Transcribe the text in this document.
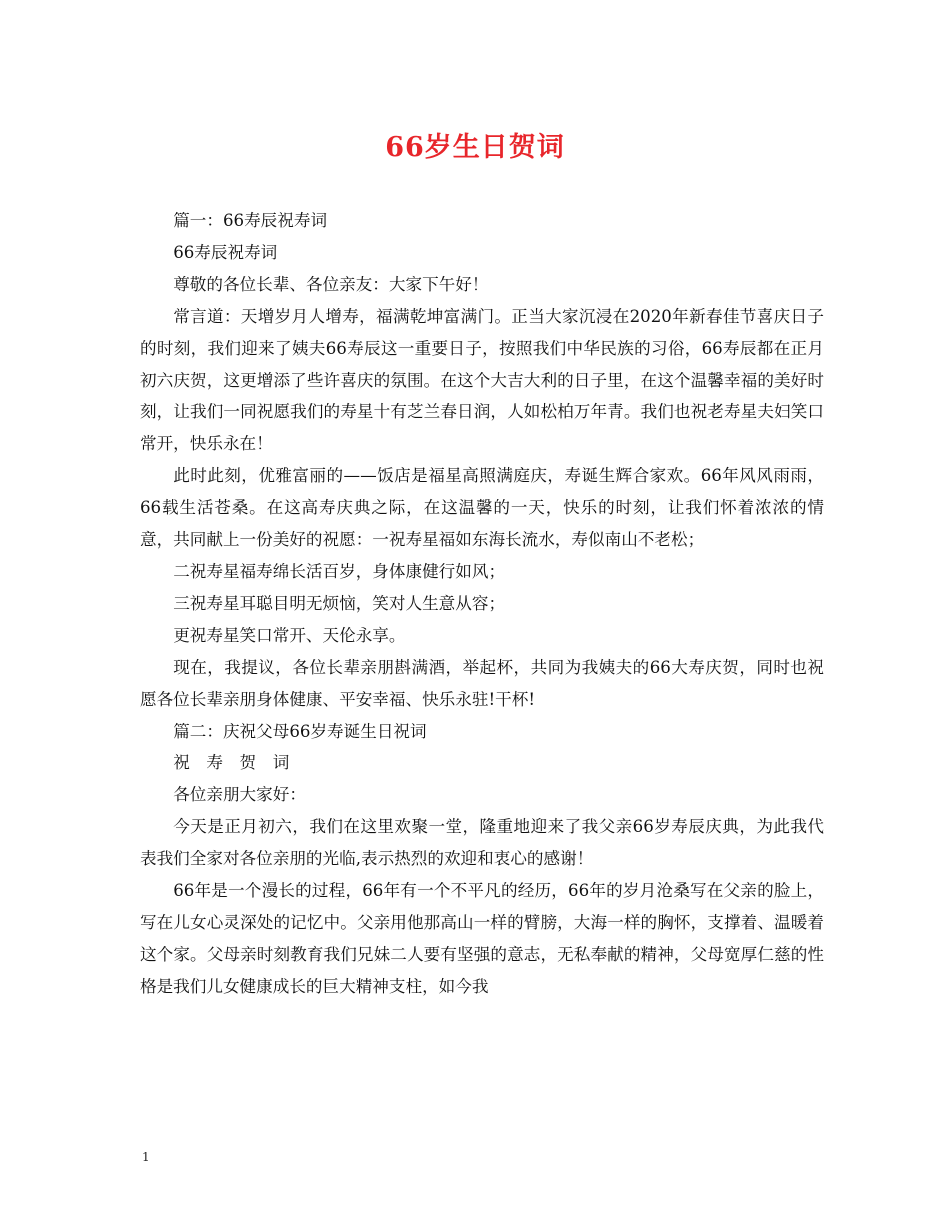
66岁生日贺词

篇一：66寿辰祝寿词

66寿辰祝寿词

尊敬的各位长辈、各位亲友：大家下午好！

常言道：天增岁月人增寿，福满乾坤富满门。正当大家沉浸在2020年新春佳节喜庆日子的时刻，我们迎来了姨夫66寿辰这一重要日子，按照我们中华民族的习俗，66寿辰都在正月初六庆贺，这更增添了些许喜庆的氛围。在这个大吉大利的日子里，在这个温馨幸福的美好时刻，让我们一同祝愿我们的寿星十有芝兰春日润，人如松柏万年青。我们也祝老寿星夫妇笑口常开，快乐永在！

此时此刻，优雅富丽的——饭店是福星高照满庭庆，寿诞生辉合家欢。66年风风雨雨，66载生活苍桑。在这高寿庆典之际，在这温馨的一天，快乐的时刻，让我们怀着浓浓的情意，共同献上一份美好的祝愿：一祝寿星福如东海长流水，寿似南山不老松；

二祝寿星福寿绵长活百岁，身体康健行如风；

三祝寿星耳聪目明无烦恼，笑对人生意从容；

更祝寿星笑口常开、天伦永享。

现在，我提议，各位长辈亲朋斟满酒，举起杯，共同为我姨夫的66大寿庆贺，同时也祝愿各位长辈亲朋身体健康、平安幸福、快乐永驻!干杯!

篇二：庆祝父母66岁寿诞生日祝词

祝　寿　贺　词

各位亲朋大家好：

今天是正月初六，我们在这里欢聚一堂，隆重地迎来了我父亲66岁寿辰庆典，为此我代表我们全家对各位亲朋的光临,表示热烈的欢迎和衷心的感谢！

66年是一个漫长的过程，66年有一个不平凡的经历，66年的岁月沧桑写在父亲的脸上，写在儿女心灵深处的记忆中。父亲用他那高山一样的臂膀，大海一样的胸怀，支撑着、温暖着这个家。父母亲时刻教育我们兄妹二人要有坚强的意志，无私奉献的精神，父母宽厚仁慈的性格是我们儿女健康成长的巨大精神支柱，如今我

1
